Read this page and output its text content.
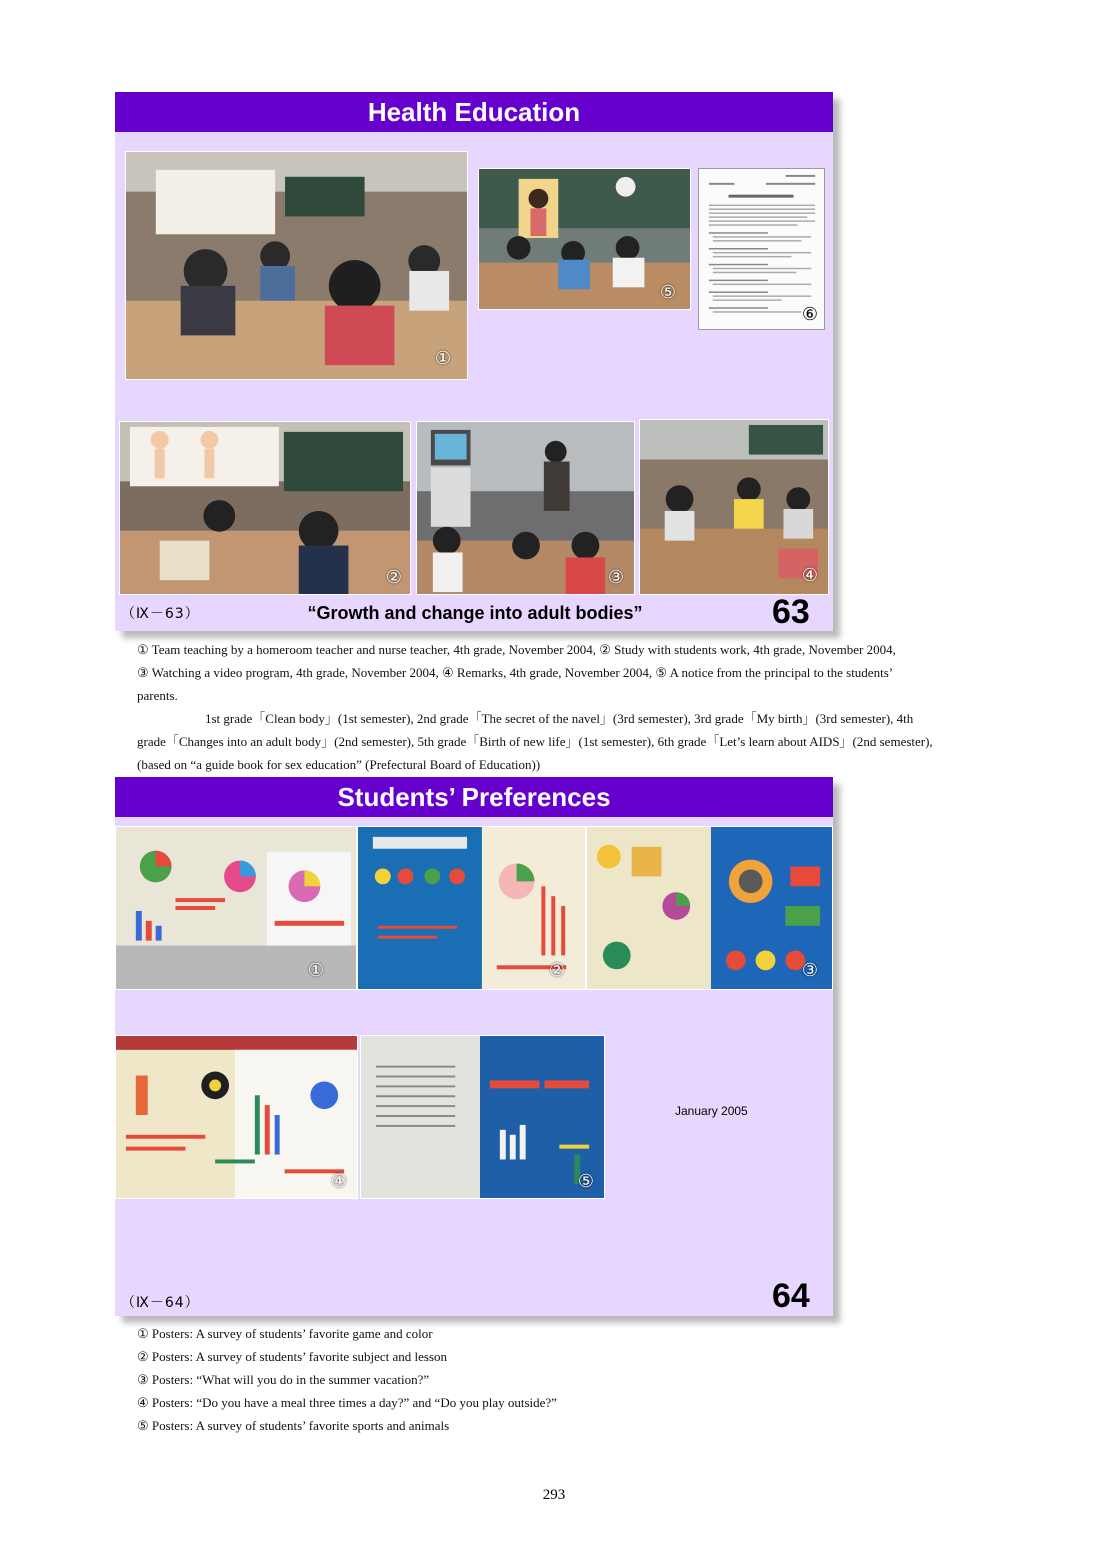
Health Education
①
⑤
⑥
②	③	④
（Ⅸ－63）	“Growth and change into adult bodies”	63

① Team teaching by a homeroom teacher and nurse teacher, 4th grade, November 2004, ② Study with students work, 4th grade, November 2004,

③ Watching a video program, 4th grade, November 2004, ④ Remarks, 4th grade, November 2004, ⑤ A notice from the principal to the students’

parents.

1st grade「Clean body」(1st semester), 2nd grade「The secret of the navel」(3rd semester), 3rd grade「My birth」(3rd semester), 4th

grade「Changes into an adult body」(2nd semester), 5th grade「Birth of new life」(1st semester), 6th grade「Let’s learn about AIDS」(2nd semester),

(based on “a guide book for sex education” (Prefectural Board of Education))

Students’ Preferences
①	②	③
④	⑤
January 2005
（Ⅸ－64）	64

① Posters: A survey of students’ favorite game and color

② Posters: A survey of students’ favorite subject and lesson

③ Posters: “What will you do in the summer vacation?”

④ Posters: “Do you have a meal three times a day?” and “Do you play outside?”

⑤ Posters: A survey of students’ favorite sports and animals

293
